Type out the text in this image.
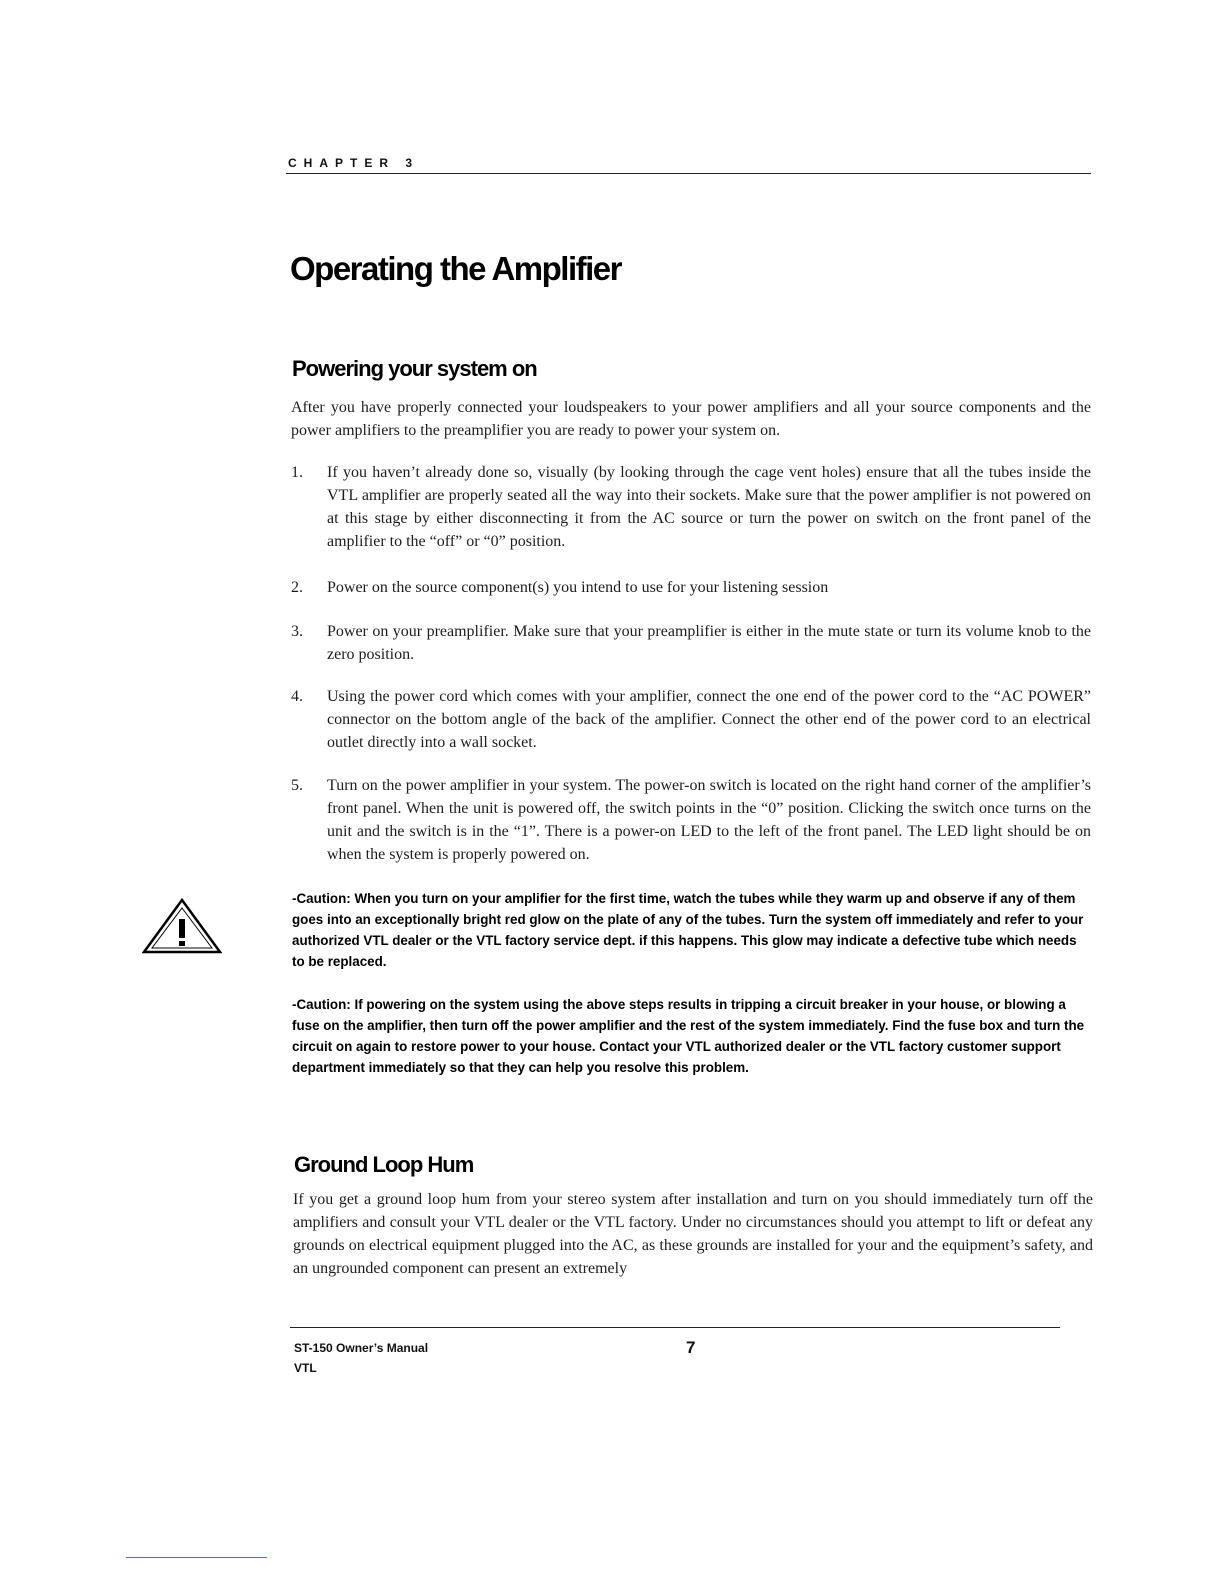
CHAPTER 3
Operating the Amplifier
Powering your system on

After you have properly connected your loudspeakers to your power amplifiers and all your source components and the power amplifiers to the preamplifier you are ready to power your system on.

1.	If you haven’t already done so, visually (by looking through the cage vent holes) ensure that all the tubes inside the VTL amplifier are properly seated all the way into their sockets. Make sure that the power amplifier is not powered on at this stage by either disconnecting it from the AC source or turn the power on switch on the front panel of the amplifier to the “off” or “0” position.

2.	Power on the source component(s) you intend to use for your listening session

3.	Power on your preamplifier. Make sure that your preamplifier is either in the mute state or turn its volume knob to the zero position.

4.	Using the power cord which comes with your amplifier, connect the one end of the power cord to the “AC POWER” connector on the bottom angle of the back of the amplifier. Connect the other end of the power cord to an electrical outlet directly into a wall socket.

5.	Turn on the power amplifier in your system. The power-on switch is located on the right hand corner of the amplifier’s front panel. When the unit is powered off, the switch points in the “0” position. Clicking the switch once turns on the unit and the switch is in the “1”. There is a power-on LED to the left of the front panel. The LED light should be on when the system is properly powered on.

-Caution: When you turn on your amplifier for the first time, watch the tubes while they warm up and observe if any of them goes into an exceptionally bright red glow on the plate of any of the tubes. Turn the system off immediately and refer to your authorized VTL dealer or the VTL factory service dept. if this happens. This glow may indicate a defective tube which needs to be replaced.

-Caution: If powering on the system using the above steps results in tripping a circuit breaker in your house, or blowing a fuse on the amplifier, then turn off the power amplifier and the rest of the system immediately. Find the fuse box and turn the circuit on again to restore power to your house. Contact your VTL authorized dealer or the VTL factory customer support department immediately so that they can help you resolve this problem.

Ground Loop Hum

If you get a ground loop hum from your stereo system after installation and turn on you should immediately turn off the amplifiers and consult your VTL dealer or the VTL factory. Under no circumstances should you attempt to lift or defeat any grounds on electrical equipment plugged into the AC, as these grounds are installed for your and the equipment’s safety, and an ungrounded component can present an extremely

ST-150 Owner’s Manual
VTL
7
